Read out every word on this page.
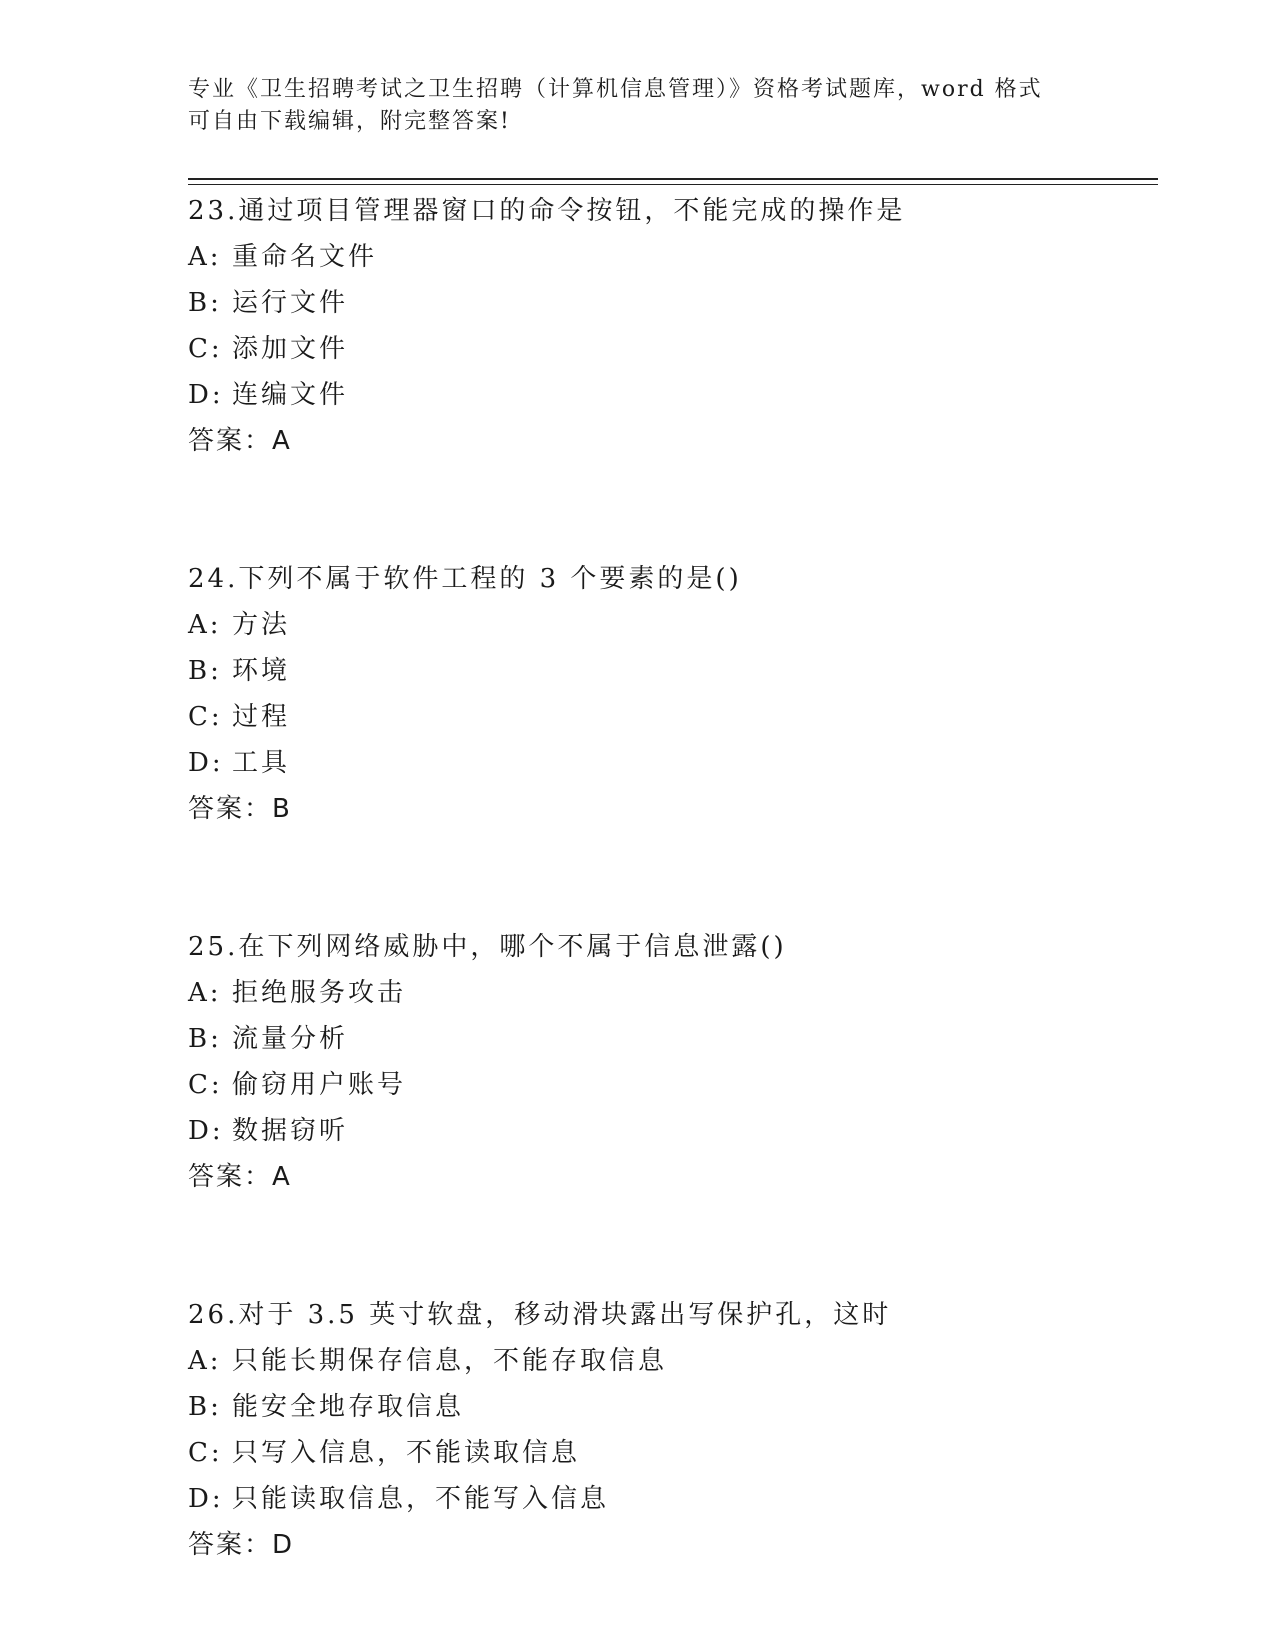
专业《卫生招聘考试之卫生招聘（计算机信息管理）》资格考试题库，word 格式
可自由下载编辑，附完整答案!
23.通过项目管理器窗口的命令按钮，不能完成的操作是
A: 重命名文件
B: 运行文件
C: 添加文件
D: 连编文件
答案：A
24.下列不属于软件工程的 3 个要素的是()
A: 方法
B: 环境
C: 过程
D: 工具
答案：B
25.在下列网络威胁中，哪个不属于信息泄露()
A: 拒绝服务攻击
B: 流量分析
C: 偷窃用户账号
D: 数据窃听
答案：A
26.对于 3.5 英寸软盘，移动滑块露出写保护孔，这时
A: 只能长期保存信息，不能存取信息
B: 能安全地存取信息
C: 只写入信息，不能读取信息
D: 只能读取信息，不能写入信息
答案：D
